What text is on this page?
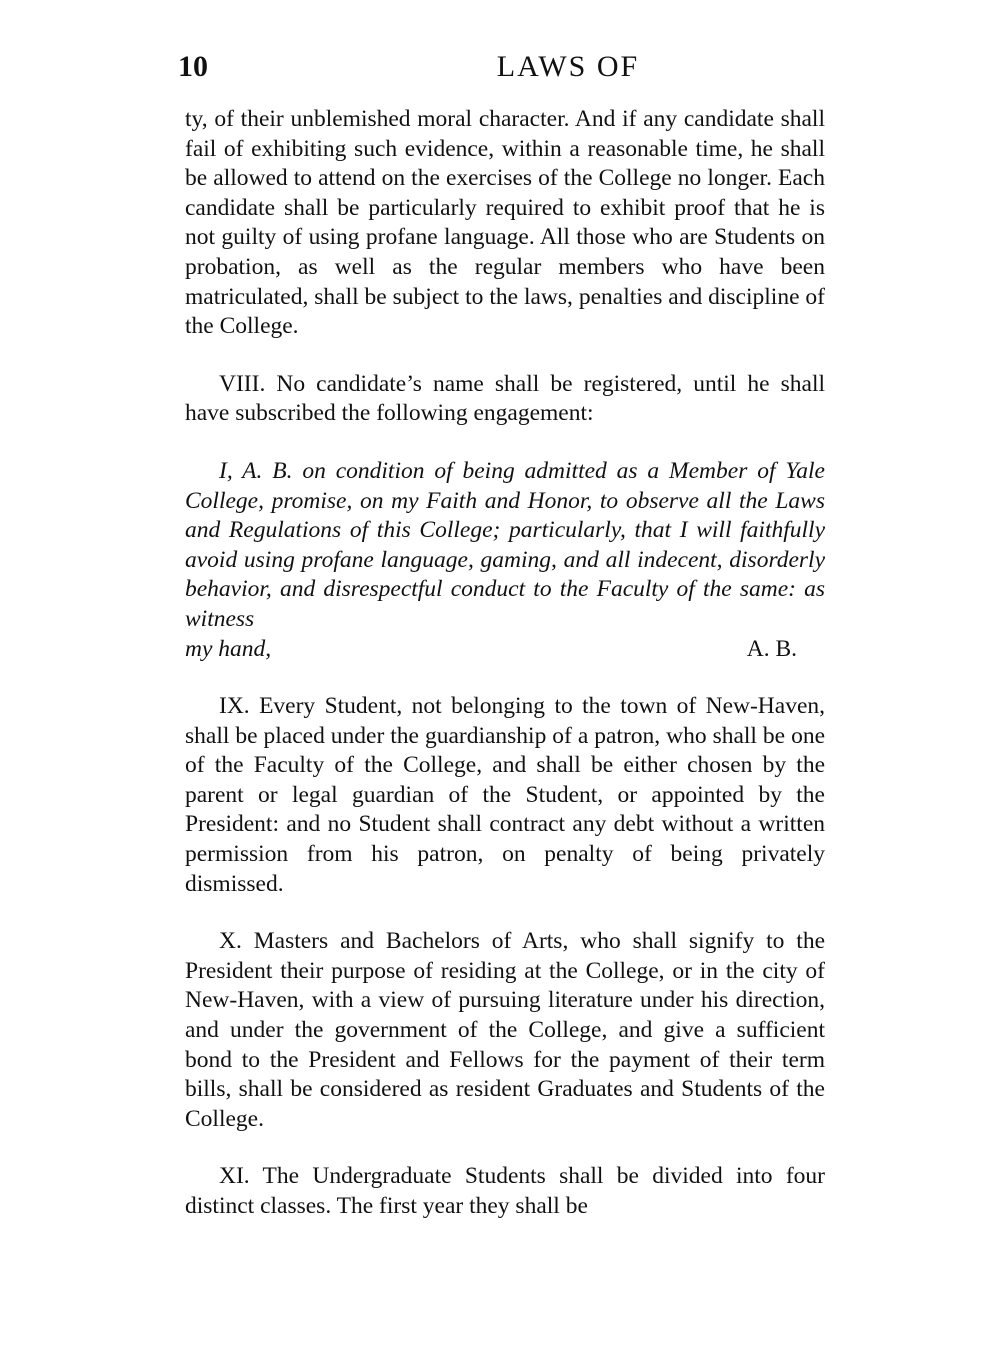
10	LAWS OF

ty, of their unblemished moral character. And if any candidate shall fail of exhibiting such evidence, within a reasonable time, he shall be allowed to attend on the exercises of the College no longer. Each candidate shall be particularly required to exhibit proof that he is not guilty of using profane language. All those who are Students on probation, as well as the regular members who have been matriculated, shall be subject to the laws, penalties and discipline of the College.

VIII. No candidate’s name shall be registered, until he shall have subscribed the following engagement:

I, A. B. on condition of being admitted as a Member of Yale College, promise, on my Faith and Honor, to observe all the Laws and Regulations of this College; particularly, that I will faithfully avoid using profane language, gaming, and all indecent, disorderly behavior, and disrespectful conduct to the Faculty of the same: as witness

my hand,	A. B.

IX. Every Student, not belonging to the town of New-Haven, shall be placed under the guardianship of a patron, who shall be one of the Faculty of the College, and shall be either chosen by the parent or legal guardian of the Student, or appointed by the President: and no Student shall contract any debt without a written permission from his patron, on penalty of being privately dismissed.

X. Masters and Bachelors of Arts, who shall signify to the President their purpose of residing at the College, or in the city of New-Haven, with a view of pursuing literature under his direction, and under the government of the College, and give a sufficient bond to the President and Fellows for the payment of their term bills, shall be considered as resident Graduates and Students of the College.

XI. The Undergraduate Students shall be divided into four distinct classes. The first year they shall be
